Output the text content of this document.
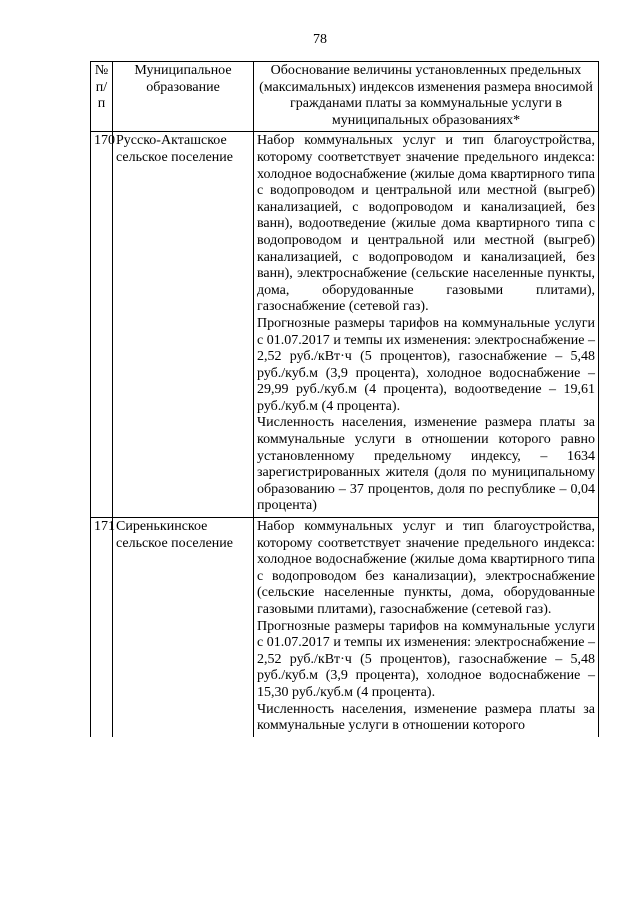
78
№ п/п	Муниципальное образование	Обоснование величины установленных предельных (максимальных) индексов изменения размера вносимой гражданами платы за коммунальные услуги в муниципальных образованиях*
170	Русско-Акташское сельское поселение	Набор коммунальных услуг и тип благоустройства, которому соответствует значение предельного индекса: холодное водоснабжение (жилые дома квартирного типа с водопроводом и центральной или местной (выгреб) канализацией, с водопроводом и канализацией, без ванн), водоотведение (жилые дома квартирного типа с водопроводом и центральной или местной (выгреб) канализацией, с водопроводом и канализацией, без ванн), электроснабжение (сельские населенные пункты, дома, оборудованные газовыми плитами), газоснабжение (сетевой газ).

Прогнозные размеры тарифов на коммунальные услуги с 01.07.2017 и темпы их изменения: электроснабжение – 2,52 руб./кВт·ч (5 процентов), газоснабжение – 5,48 руб./куб.м (3,9 процента), холодное водоснабжение – 29,99 руб./куб.м (4 процента), водоотведение – 19,61 руб./куб.м (4 процента).

Численность населения, изменение размера платы за коммунальные услуги в отношении которого равно установленному предельному индексу, – 1634 зарегистрированных жителя (доля по муниципальному образованию – 37 процентов, доля по республике – 0,04 процента)

171	Сиренькинское сельское поселение	Набор коммунальных услуг и тип благоустройства, которому соответствует значение предельного индекса: холодное водоснабжение (жилые дома квартирного типа с водопроводом без канализации), электроснабжение (сельские населенные пункты, дома, оборудованные газовыми плитами), газоснабжение (сетевой газ).

Прогнозные размеры тарифов на коммунальные услуги с 01.07.2017 и темпы их изменения: электроснабжение – 2,52 руб./кВт·ч (5 процентов), газоснабжение – 5,48 руб./куб.м (3,9 процента), холодное водоснабжение – 15,30 руб./куб.м (4 процента).

Численность населения, изменение размера платы за коммунальные услуги в отношении которого
